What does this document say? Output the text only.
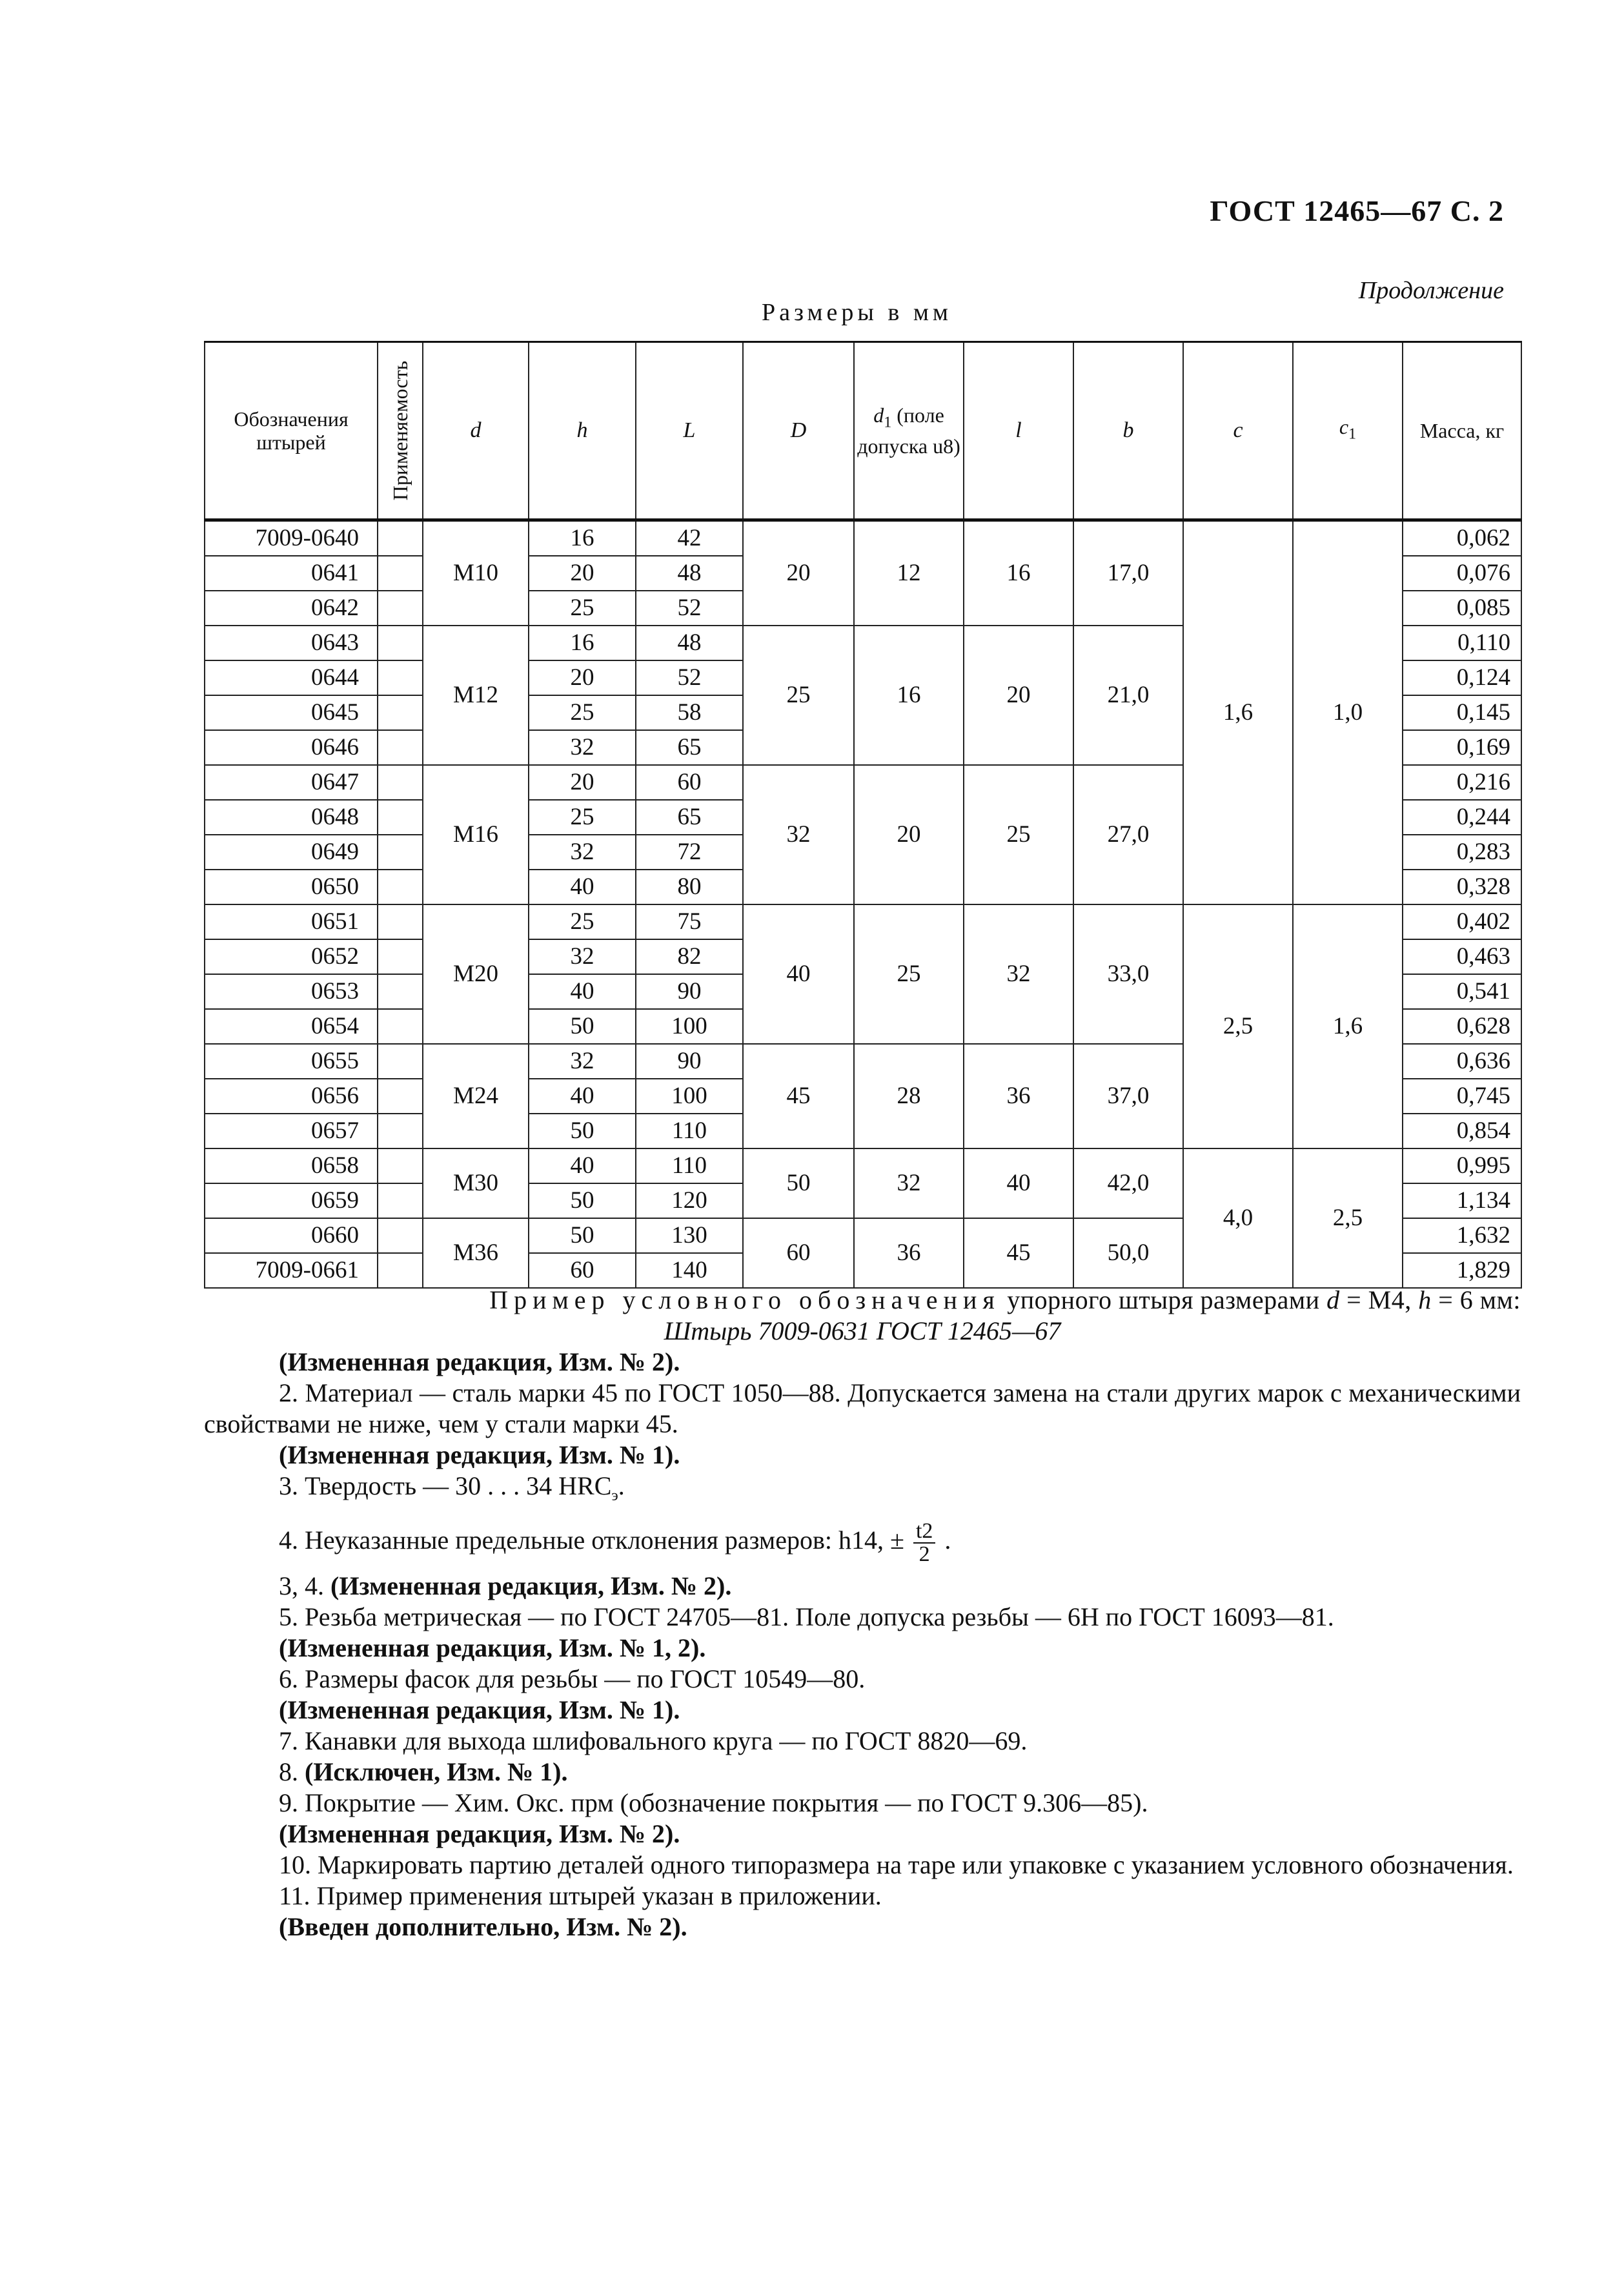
ГОСТ 12465—67 С. 2
Продолжение
Размеры в мм
Обозначения штырей	Применяемость	d	h	L	D	$d_1$ (поле допуска u8)	l	b	c	$c_1$	Масса, кг
7009-0640		M10	16	42	20	12	16	17,0	1,6	1,0	0,062
0641			20	48							0,076
0642			25	52							0,085
0643		M12	16	48	25	16	20	21,0			0,110
0644			20	52							0,124
0645			25	58							0,145
0646			32	65							0,169
0647		M16	20	60	32	20	25	27,0			0,216
0648			25	65							0,244
0649			32	72							0,283
0650			40	80							0,328
0651		M20	25	75	40	25	32	33,0	2,5	1,6	0,402
0652			32	82							0,463
0653			40	90							0,541
0654			50	100							0,628
0655		M24	32	90	45	28	36	37,0			0,636
0656			40	100							0,745
0657			50	110							0,854
0658		M30	40	110	50	32	40	42,0	4,0	2,5	0,995
0659			50	120							1,134
0660		M36	50	130	60	36	45	50,0			1,632
7009-0661			60	140							1,829

Пример условного обозначения упорного штыря размерами d = M4, h = 6 мм:

Штырь 7009-0631 ГОСТ 12465—67

(Измененная редакция, Изм. № 2).

2. Материал — сталь марки 45 по ГОСТ 1050—88. Допускается замена на стали других марок с механическими свойствами не ниже, чем у стали марки 45.

(Измененная редакция, Изм. № 1).

3. Твердость — 30 . . . 34 $HRC_э$.

4. Неуказанные предельные отклонения размеров: h14, ± $\frac{t2}{2}$ .

3, 4. (Измененная редакция, Изм. № 2).

5. Резьба метрическая — по ГОСТ 24705—81. Поле допуска резьбы — 6Н по ГОСТ 16093—81.

(Измененная редакция, Изм. № 1, 2).

6. Размеры фасок для резьбы — по ГОСТ 10549—80.

(Измененная редакция, Изм. № 1).

7. Канавки для выхода шлифовального круга — по ГОСТ 8820—69.

8. (Исключен, Изм. № 1).

9. Покрытие — Хим. Окс. прм (обозначение покрытия — по ГОСТ 9.306—85).

(Измененная редакция, Изм. № 2).

10. Маркировать партию деталей одного типоразмера на таре или упаковке с указанием условного обозначения.

11. Пример применения штырей указан в приложении.

(Введен дополнительно, Изм. № 2).
